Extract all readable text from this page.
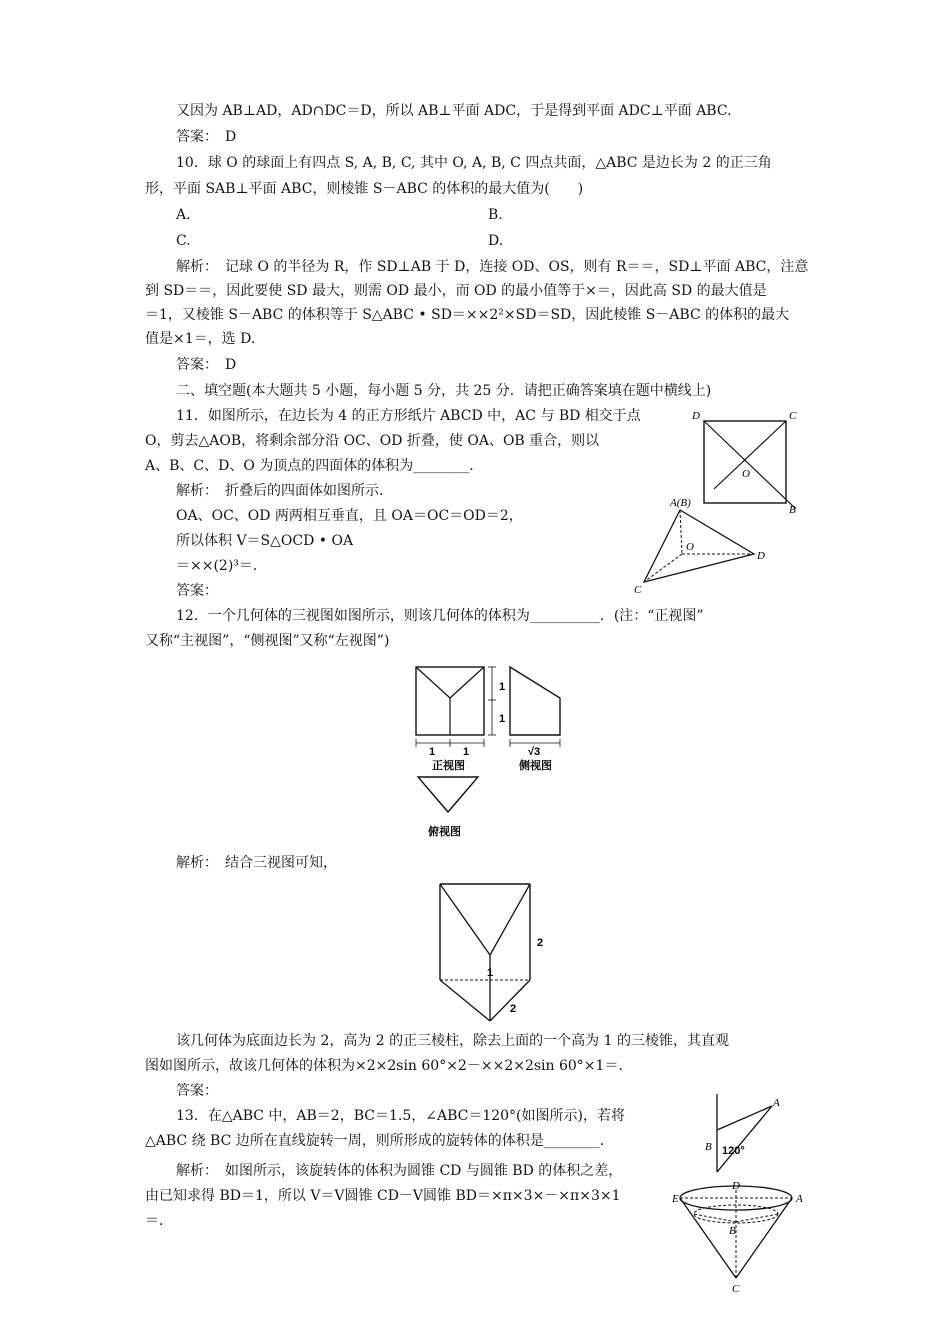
又因为 AB⊥AD，AD∩DC＝D，所以 AB⊥平面 ADC，于是得到平面 ADC⊥平面 ABC.
答案：　D
10．球 O 的球面上有四点 S, A, B, C, 其中 O, A, B, C 四点共面，△ABC 是边长为 2 的正三角
形，平面 SAB⊥平面 ABC，则棱锥 S－ABC 的体积的最大值为(　　)
A.	B.
C.	D.
解析：　记球 O 的半径为 R，作 SD⊥AB 于 D，连接 OD、OS，则有 R＝＝，SD⊥平面 ABC，注意
到 SD＝＝，因此要使 SD 最大，则需 OD 最小，而 OD 的最小值等于×＝，因此高 SD 的最大值是
＝1，又棱锥 S－ABC 的体积等于 S△ABC • SD＝××2²×SD＝SD，因此棱锥 S－ABC 的体积的最大
值是×1＝，选 D.
答案：　D
二、填空题(本大题共 5 小题，每小题 5 分，共 25 分．请把正确答案填在题中横线上)
11．如图所示，在边长为 4 的正方形纸片 ABCD 中，AC 与 BD 相交于点
O，剪去△AOB，将剩余部分沿 OC、OD 折叠，使 OA、OB 重合，则以
A、B、C、D、O 为顶点的四面体的体积为________．
解析：　折叠后的四面体如图所示．
OA、OC、OD 两两相互垂直，且 OA＝OC＝OD＝2，
所以体积 V＝S△OCD • OA
＝××(2)³＝．
答案：
12．一个几何体的三视图如图所示，则该几何体的体积为__________．(注：“正视图”
又称“主视图”，“侧视图”又称“左视图”)
解析：　结合三视图可知，
该几何体为底面边长为 2，高为 2 的正三棱柱，除去上面的一个高为 1 的三棱锥，其直观
图如图所示，故该几何体的体积为×2×2sin 60°×2－××2×2sin 60°×1＝．
答案：
13．在△ABC 中，AB＝2，BC＝1.5，∠ABC＝120°(如图所示)，若将
△ABC 绕 BC 边所在直线旋转一周，则所形成的旋转体的体积是________．
解析：　如图所示，该旋转体的体积为圆锥 CD 与圆锥 BD 的体积之差，
由已知求得 BD＝1，所以 V＝V圆锥 CD－V圆锥 BD＝×π×3×－×π×3×1
＝．
D	C
O
B
A(B)
O
D
C
1
1
1	1
正视图
√3
侧视图
俯视图
2
1
2
A
B 120°
D
E	A
B
C
